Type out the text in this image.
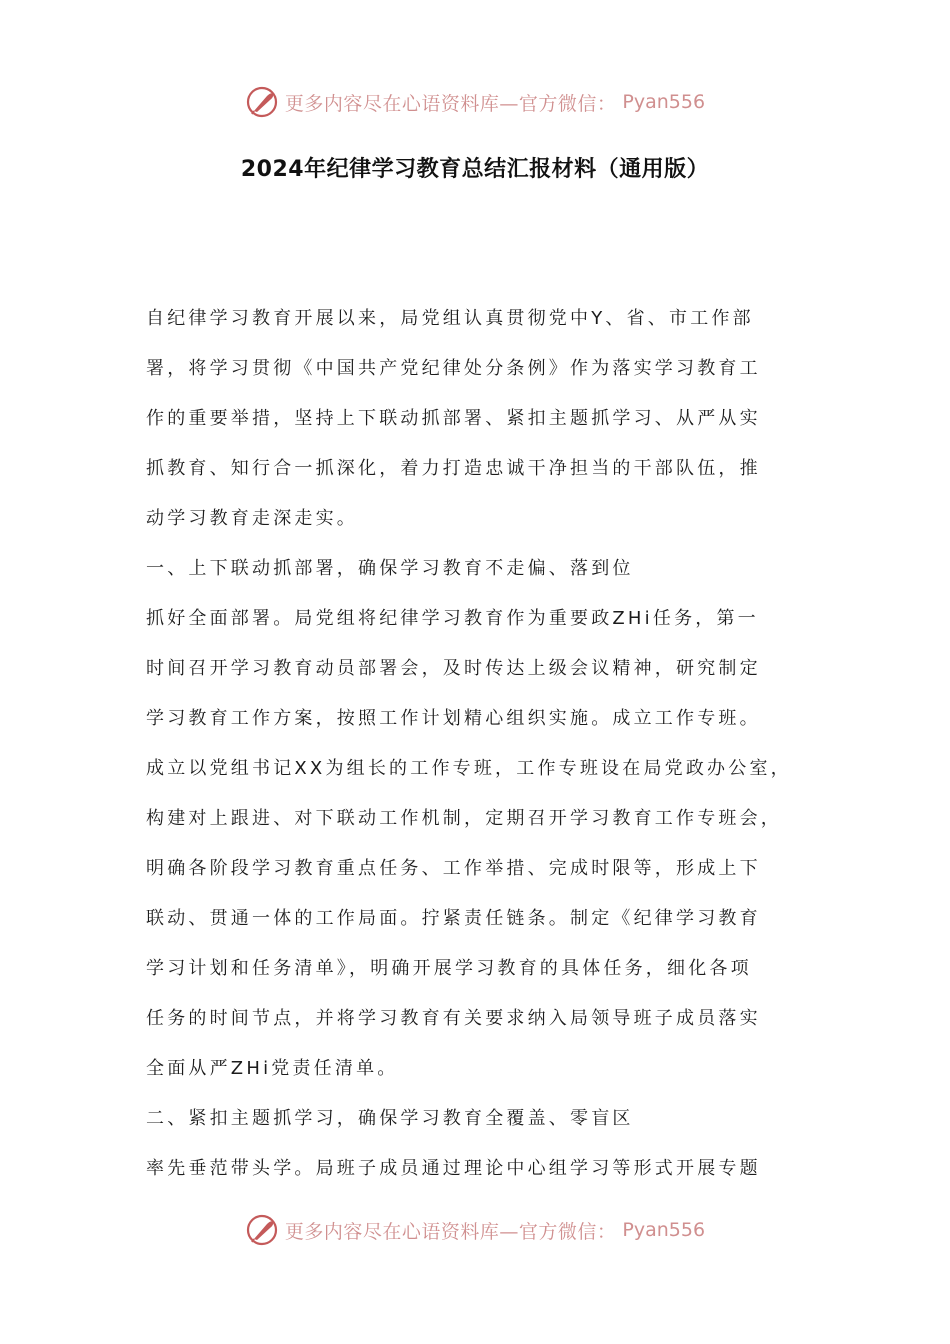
更多内容尽在心语资料库—官方微信： Pyan556
2024年纪律学习教育总结汇报材料（通用版）
自纪律学习教育开展以来，局党组认真贯彻党中Y、省、市工作部
署，将学习贯彻《中国共产党纪律处分条例》作为落实学习教育工
作的重要举措，坚持上下联动抓部署、紧扣主题抓学习、从严从实
抓教育、知行合一抓深化，着力打造忠诚干净担当的干部队伍，推
动学习教育走深走实。
一、上下联动抓部署，确保学习教育不走偏、落到位
抓好全面部署。局党组将纪律学习教育作为重要政ZHi任务，第一
时间召开学习教育动员部署会，及时传达上级会议精神，研究制定
学习教育工作方案，按照工作计划精心组织实施。成立工作专班。
成立以党组书记XX为组长的工作专班，工作专班设在局党政办公室，
构建对上跟进、对下联动工作机制，定期召开学习教育工作专班会，
明确各阶段学习教育重点任务、工作举措、完成时限等，形成上下
联动、贯通一体的工作局面。拧紧责任链条。制定《纪律学习教育
学习计划和任务清单》，明确开展学习教育的具体任务，细化各项
任务的时间节点，并将学习教育有关要求纳入局领导班子成员落实
全面从严ZHi党责任清单。
二、紧扣主题抓学习，确保学习教育全覆盖、零盲区
率先垂范带头学。局班子成员通过理论中心组学习等形式开展专题
更多内容尽在心语资料库—官方微信： Pyan556
